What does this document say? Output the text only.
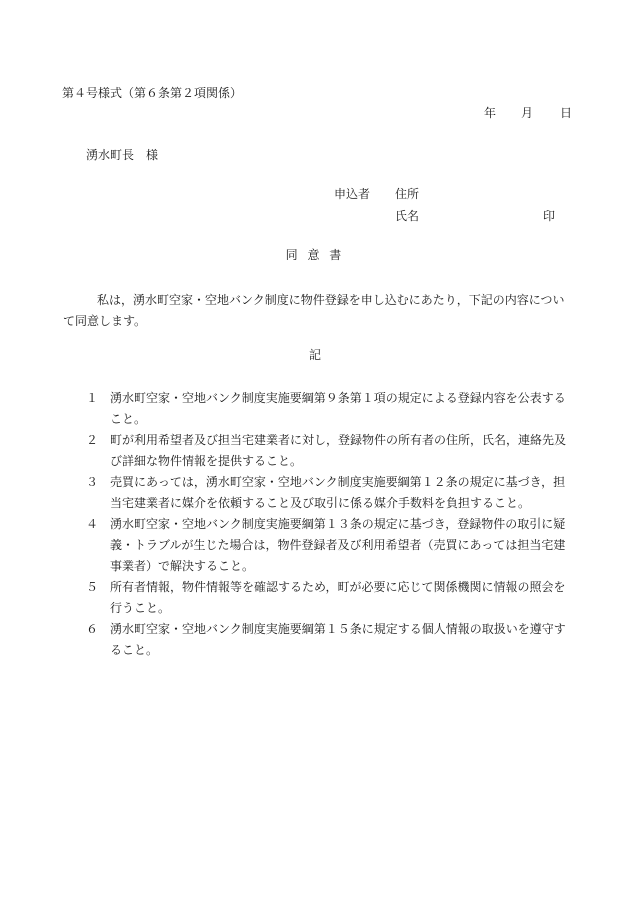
第４号様式（第６条第２項関係）
年 月 日
湧水町長　様
申込者 住所
氏名	印
同 意 書
私は，湧水町空家・空地バンク制度に物件登録を申し込むにあたり，下記の内容について同意します。
記
１ 湧水町空家・空地バンク制度実施要綱第９条第１項の規定による登録内容を公表すること。
２ 町が利用希望者及び担当宅建業者に対し，登録物件の所有者の住所，氏名，連絡先及び詳細な物件情報を提供すること。
３ 売買にあっては，湧水町空家・空地バンク制度実施要綱第１２条の規定に基づき，担当宅建業者に媒介を依頼すること及び取引に係る媒介手数料を負担すること。
４ 湧水町空家・空地バンク制度実施要綱第１３条の規定に基づき，登録物件の取引に疑義・トラブルが生じた場合は，物件登録者及び利用希望者（売買にあっては担当宅建事業者）で解決すること。
５ 所有者情報，物件情報等を確認するため，町が必要に応じて関係機関に情報の照会を行うこと。
６ 湧水町空家・空地バンク制度実施要綱第１５条に規定する個人情報の取扱いを遵守すること。
